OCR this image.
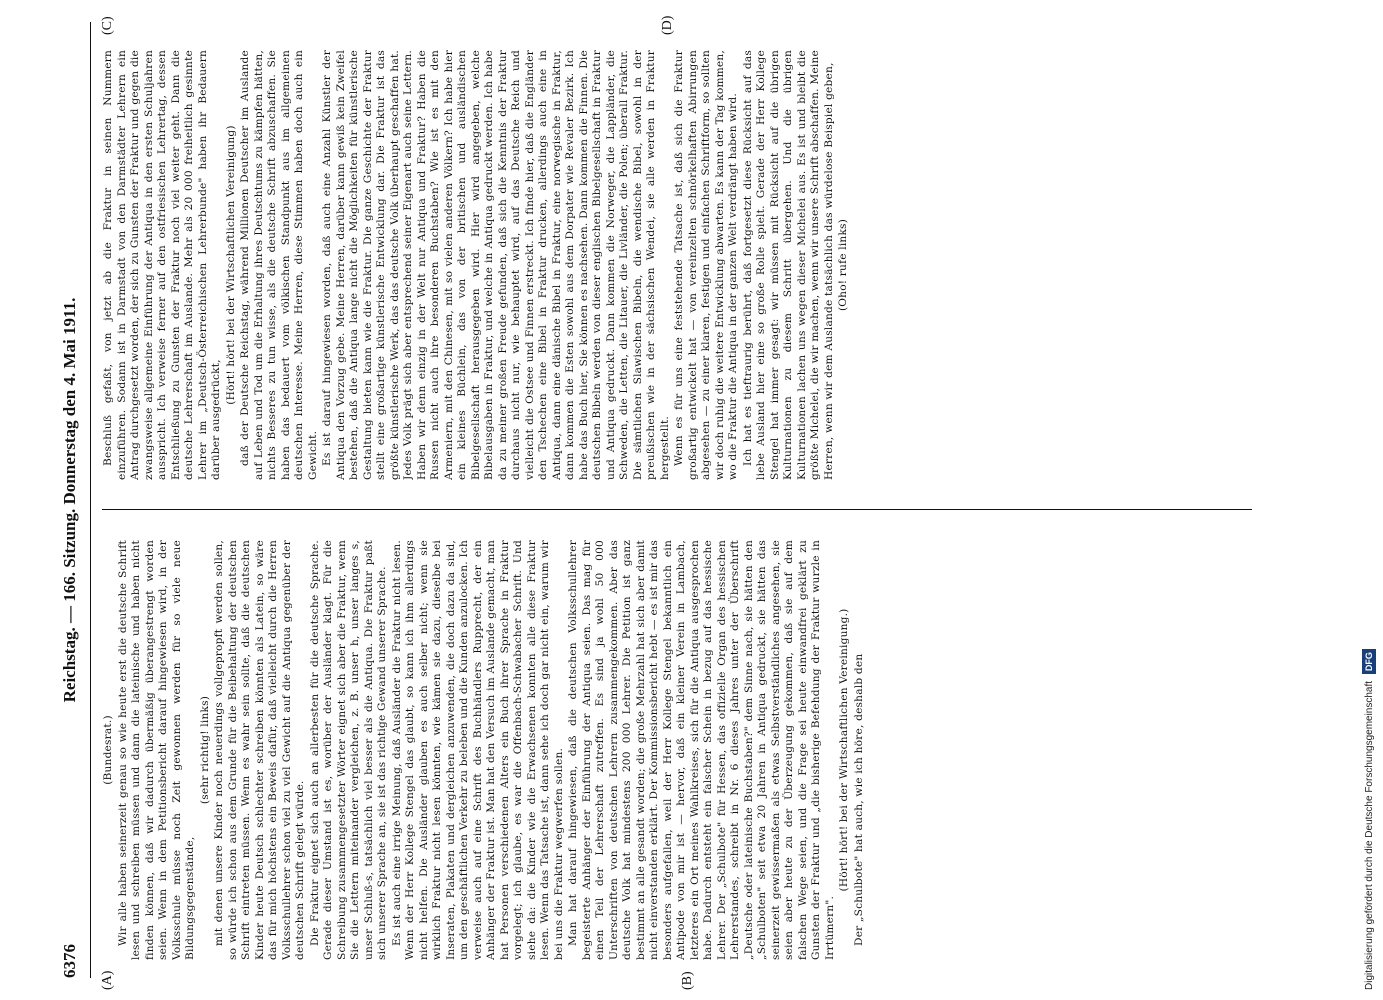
6376
Reichstag. — 166. Sitzung. Donnerstag den 4. Mai 1911.
(A)	(B)
(C)	(D)

(Bundesrat.) Wir alle haben seinerzeit genau so wie heute erst die deutsche Schrift lesen und schreiben müssen und dann die lateinische und haben nicht finden können, daß wir dadurch übermäßig überangestrengt worden seien. Wenn in dem Petitionsbericht darauf hingewiesen wird, in der Volksschule müsse noch Zeit gewonnen werden für so viele neue Bildungsgegenstände,

(sehr richtig! links) mit denen unsere Kinder noch neuerdings vollgepropft werden sollen, so würde ich schon aus dem Grunde für die Beibehaltung der deutschen Schrift eintreten müssen. Wenn es wahr sein sollte, daß die deutschen Kinder heute Deutsch schlechter schreiben könnten als Latein, so wäre das für mich höchstens ein Beweis dafür, daß vielleicht durch die Herren Volksschullehrer schon viel zu viel Gewicht auf die Antiqua gegenüber der deutschen Schrift gelegt würde. Die Fraktur eignet sich auch an allerbesten für die deutsche Sprache. Gerade dieser Umstand ist es, worüber der Ausländer klagt. Für die Schreibung zusammengesetzter Wörter eignet sich aber die Fraktur, wenn Sie die Lettern miteinander vergleichen, z. B. unser h, unser langes s, unser Schluß-s, tatsächlich viel besser als die Antiqua. Die Fraktur paßt sich unserer Sprache an, sie ist das richtige Gewand unserer Sprache. Es ist auch eine irrige Meinung, daß Ausländer die Fraktur nicht lesen. Wenn der Herr Kollege Stengel das glaubt, so kann ich ihm allerdings nicht helfen. Die Ausländer glauben es auch selber nicht; wenn sie wirklich Fraktur nicht lesen könnten, wie kämen sie dazu, dieselbe bei Inseraten, Plakaten und dergleichen anzuwenden, die doch dazu da sind, um den geschäftlichen Verkehr zu beleben und die Kunden anzulocken. Ich verweise auch auf eine Schrift des Buchhändlers Rupprecht, der ein Anhänger der Fraktur ist. Man hat den Versuch im Auslande gemacht, man hat Personen verschiedenen Alters ein Buch ihrer Sprache in Fraktur vorgelegt; ich glaube, es war die Offenbach-Schwabacher Schrift. Und siehe da: die Kinder wie die Erwachsenen konnten alle diese Fraktur lesen. Wenn das Tatsache ist, dann sehe ich doch gar nicht ein, warum wir bei uns die Fraktur wegwerfen sollen. Man hat darauf hingewiesen, daß die deutschen Volksschullehrer begeisterte Anhänger der Einführung der Antiqua seien. Das mag für einen Teil der Lehrerschaft zutreffen. Es sind ja wohl 50 000 Unterschriften von deutschen Lehrern zusammengekommen. Aber das deutsche Volk hat mindestens 200 000 Lehrer. Die Petition ist ganz bestimmt an alle gesandt worden; die große Mehrzahl hat sich aber damit nicht einverstanden erklärt. Der Kommissionsbericht hebt — es ist mir das besonders aufgefallen, weil der Herr Kollege Stengel bekanntlich ein Antipode von mir ist — hervor, daß ein kleiner Verein in Lambach, letzteres ein Ort meines Wahlkreises, sich für die Antiqua ausgesprochen habe. Dadurch entsteht ein falscher Schein in bezug auf das hessische Lehrer. Der „Schulbote" für Hessen, das offizielle Organ des hessischen Lehrerstandes, schreibt in Nr. 6 dieses Jahres unter der Überschrift „Deutsche oder lateinische Buchstaben?" dem Sinne nach, sie hätten den „Schulboten" seit etwa 20 Jahren in Antiqua gedruckt, sie hätten das seinerzeit gewissermaßen als etwas Selbstverständliches angesehen, sie seien aber heute zu der Überzeugung gekommen, daß sie auf dem falschen Wege seien, und die Frage sei heute einwandfrei geklärt zu Gunsten der Fraktur und „die bisherige Befehdung der Fraktur wurzle in Irrtümern".

(Hört! hört! bei der Wirtschaftlichen Vereinigung.) Der „Schulbote" hat auch, wie ich höre, deshalb den

Beschluß gefaßt, von jetzt ab die Fraktur in seinen Nummern einzuführen. Sodann ist in Darmstadt von den Darmstädter Lehrern ein Antrag durchgesetzt worden, der sich zu Gunsten der Fraktur und gegen die zwangsweise allgemeine Einführung der Antiqua in den ersten Schuljahren ausspricht. Ich verweise ferner auf den ostfriesischen Lehrertag, dessen Entschließung zu Gunsten der Fraktur noch viel weiter geht. Dann die deutsche Lehrerschaft im Auslande. Mehr als 20 000 freiheitlich gesinnte Lehrer im „Deutsch-Österreichischen Lehrerbunde" haben ihr Bedauern darüber ausgedrückt,

(Hört! hört! bei der Wirtschaftlichen Vereinigung) daß der Deutsche Reichstag, während Millionen Deutscher im Auslande auf Leben und Tod um die Erhaltung ihres Deutschtums zu kämpfen hätten, nichts Besseres zu tun wisse, als die deutsche Schrift abzuschaffen. Sie haben das bedauert vom völkischen Standpunkt aus im allgemeinen deutschen Interesse. Meine Herren, diese Stimmen haben doch auch ein Gewicht. Es ist darauf hingewiesen worden, daß auch eine Anzahl Künstler der Antiqua den Vorzug gebe. Meine Herren, darüber kann gewiß kein Zweifel bestehen, daß die Antiqua lange nicht die Möglichkeiten für künstlerische Gestaltung bieten kann wie die Fraktur. Die ganze Geschichte der Fraktur stellt eine großartige künstlerische Entwicklung dar. Die Fraktur ist das größte künstlerische Werk, das das deutsche Volk überhaupt geschaffen hat. Jedes Volk prägt sich aber entsprechend seiner Eigenart auch seine Lettern. Haben wir denn einzig in der Welt nur Antiqua und Fraktur? Haben die Russen nicht auch ihre besonderen Buchstaben? Wie ist es mit den Armeniern, mit den Chinesen, mit so vielen anderen Völkern? Ich habe hier ein kleines Büchlein, das von der britischen und ausländischen Bibelgesellschaft herausgegeben wird. Hier wird angegeben, welche Bibelausgaben in Fraktur, und welche in Antiqua gedruckt werden. Ich habe da zu meiner großen Freude gefunden, daß sich die Kenntnis der Fraktur durchaus nicht nur, wie behauptet wird, auf das Deutsche Reich und vielleicht die Ostsee und Finnen erstreckt. Ich finde hier, daß die Engländer den Tschechen eine Bibel in Fraktur drucken, allerdings auch eine in Antiqua, dann eine dänische Bibel in Fraktur, eine norwegische in Fraktur, dann kommen die Esten sowohl aus dem Dorpater wie Revaler Bezirk. Ich habe das Buch hier, Sie können es nachsehen. Dann kommen die Finnen. Die deutschen Bibeln werden von dieser englischen Bibelgesellschaft in Fraktur und Antiqua gedruckt. Dann kommen die Norweger, die Lappländer, die Schweden, die Letten, die Litauer, die Livländer, die Polen; überall Fraktur. Die sämtlichen Slawischen Bibeln, die wendische Bibel, sowohl in der preußischen wie in der sächsischen Wendei, sie alle werden in Fraktur hergestellt. Wenn es für uns eine feststehende Tatsache ist, daß sich die Fraktur großartig entwickelt hat — von vereinzelten schnörkelhaften Abirrungen abgesehen — zu einer klaren, festigen und einfachen Schriftform, so sollten wir doch ruhig die weitere Entwicklung abwarten. Es kann der Tag kommen, wo die Fraktur die Antiqua in der ganzen Welt verdrängt haben wird. Ich hat es tieftraurig berührt, daß fortgesetzt diese Rücksicht auf das liebe Ausland hier eine so große Rolle spielt. Gerade der Herr Kollege Stengel hat immer gesagt: wir müssen mit Rücksicht auf die übrigen Kulturnationen zu diesem Schritt übergehen. Und die übrigen Kulturnationen lachen uns wegen dieser Michelei aus. Es ist und bleibt die größte Michelei, die wir machen, wenn wir unsere Schrift abschaffen. Meine Herren, wenn wir dem Auslande tatsächlich das würdelose Beispiel geben, (Oho! rufe links)

Digitalisierung gefördert durch die Deutsche Forschungsgemeinschaft DFG
